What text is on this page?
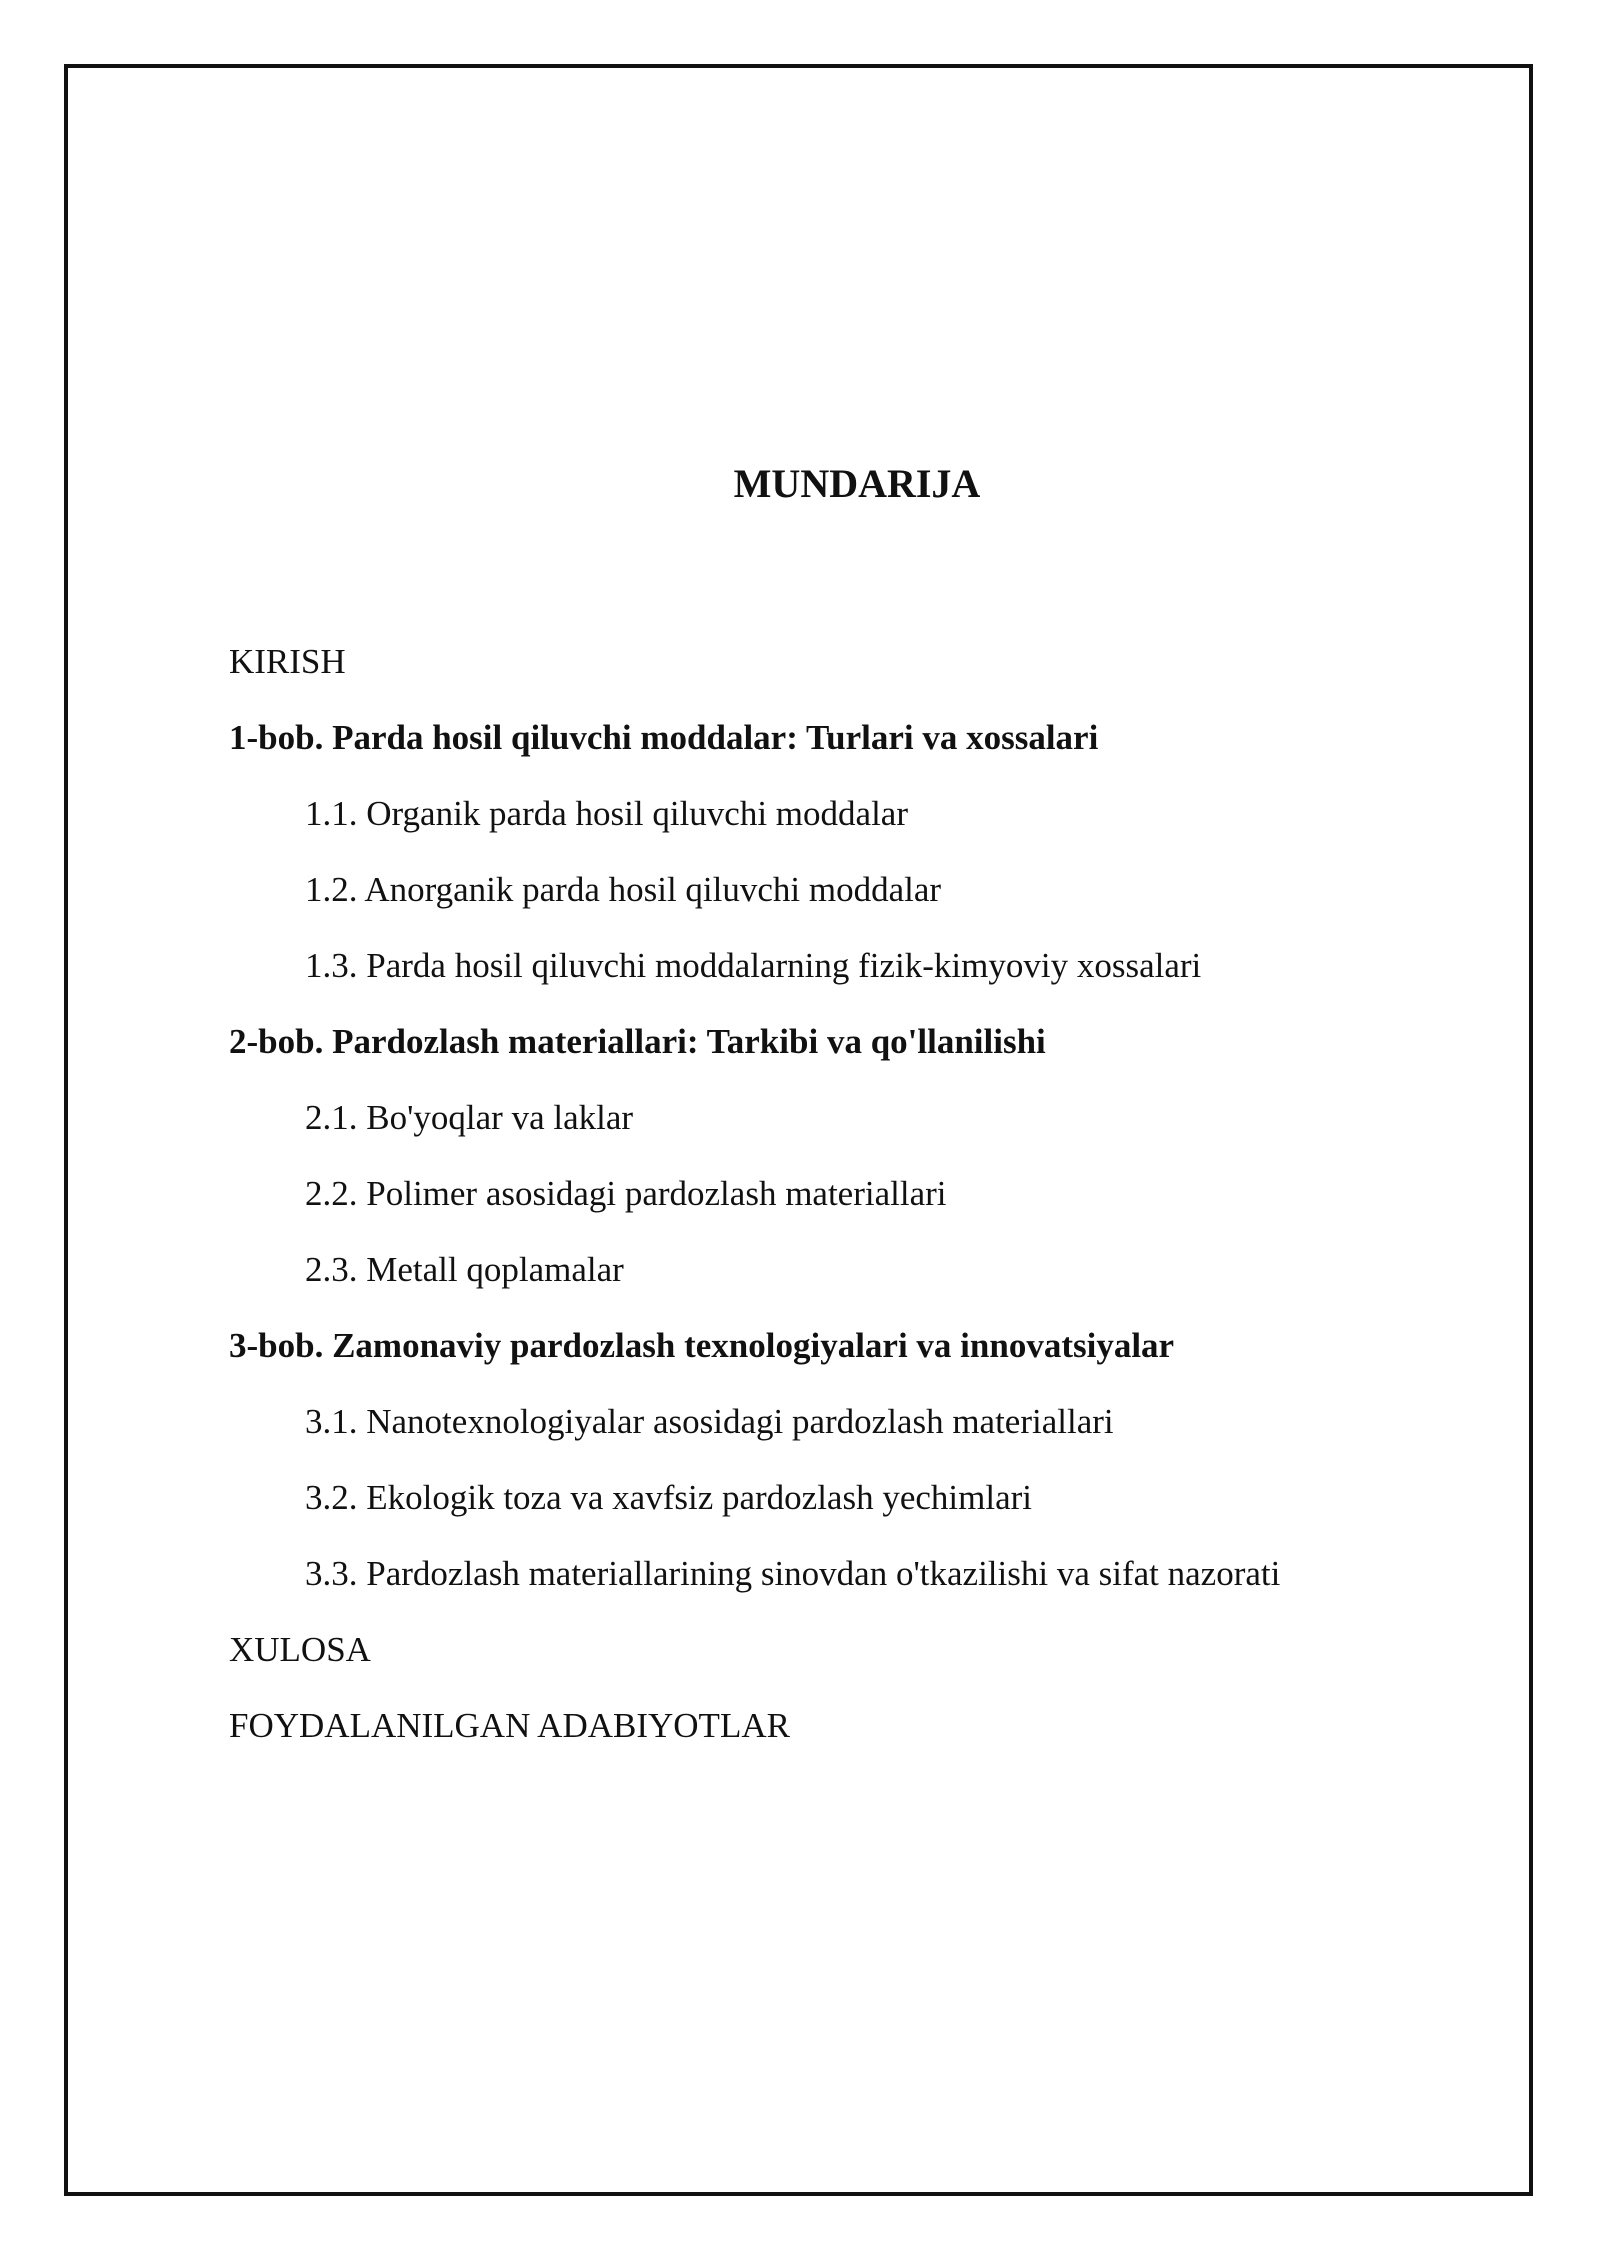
MUNDARIJA
KIRISH
1-bob. Parda hosil qiluvchi moddalar: Turlari va xossalari
1.1. Organik parda hosil qiluvchi moddalar
1.2. Anorganik parda hosil qiluvchi moddalar
1.3. Parda hosil qiluvchi moddalarning fizik-kimyoviy xossalari
2-bob. Pardozlash materiallari: Tarkibi va qo'llanilishi
2.1. Bo'yoqlar va laklar
2.2. Polimer asosidagi pardozlash materiallari
2.3. Metall qoplamalar
3-bob. Zamonaviy pardozlash texnologiyalari va innovatsiyalar
3.1. Nanotexnologiyalar asosidagi pardozlash materiallari
3.2. Ekologik toza va xavfsiz pardozlash yechimlari
3.3. Pardozlash materiallarining sinovdan o'tkazilishi va sifat nazorati
XULOSA
FOYDALANILGAN ADABIYOTLAR
